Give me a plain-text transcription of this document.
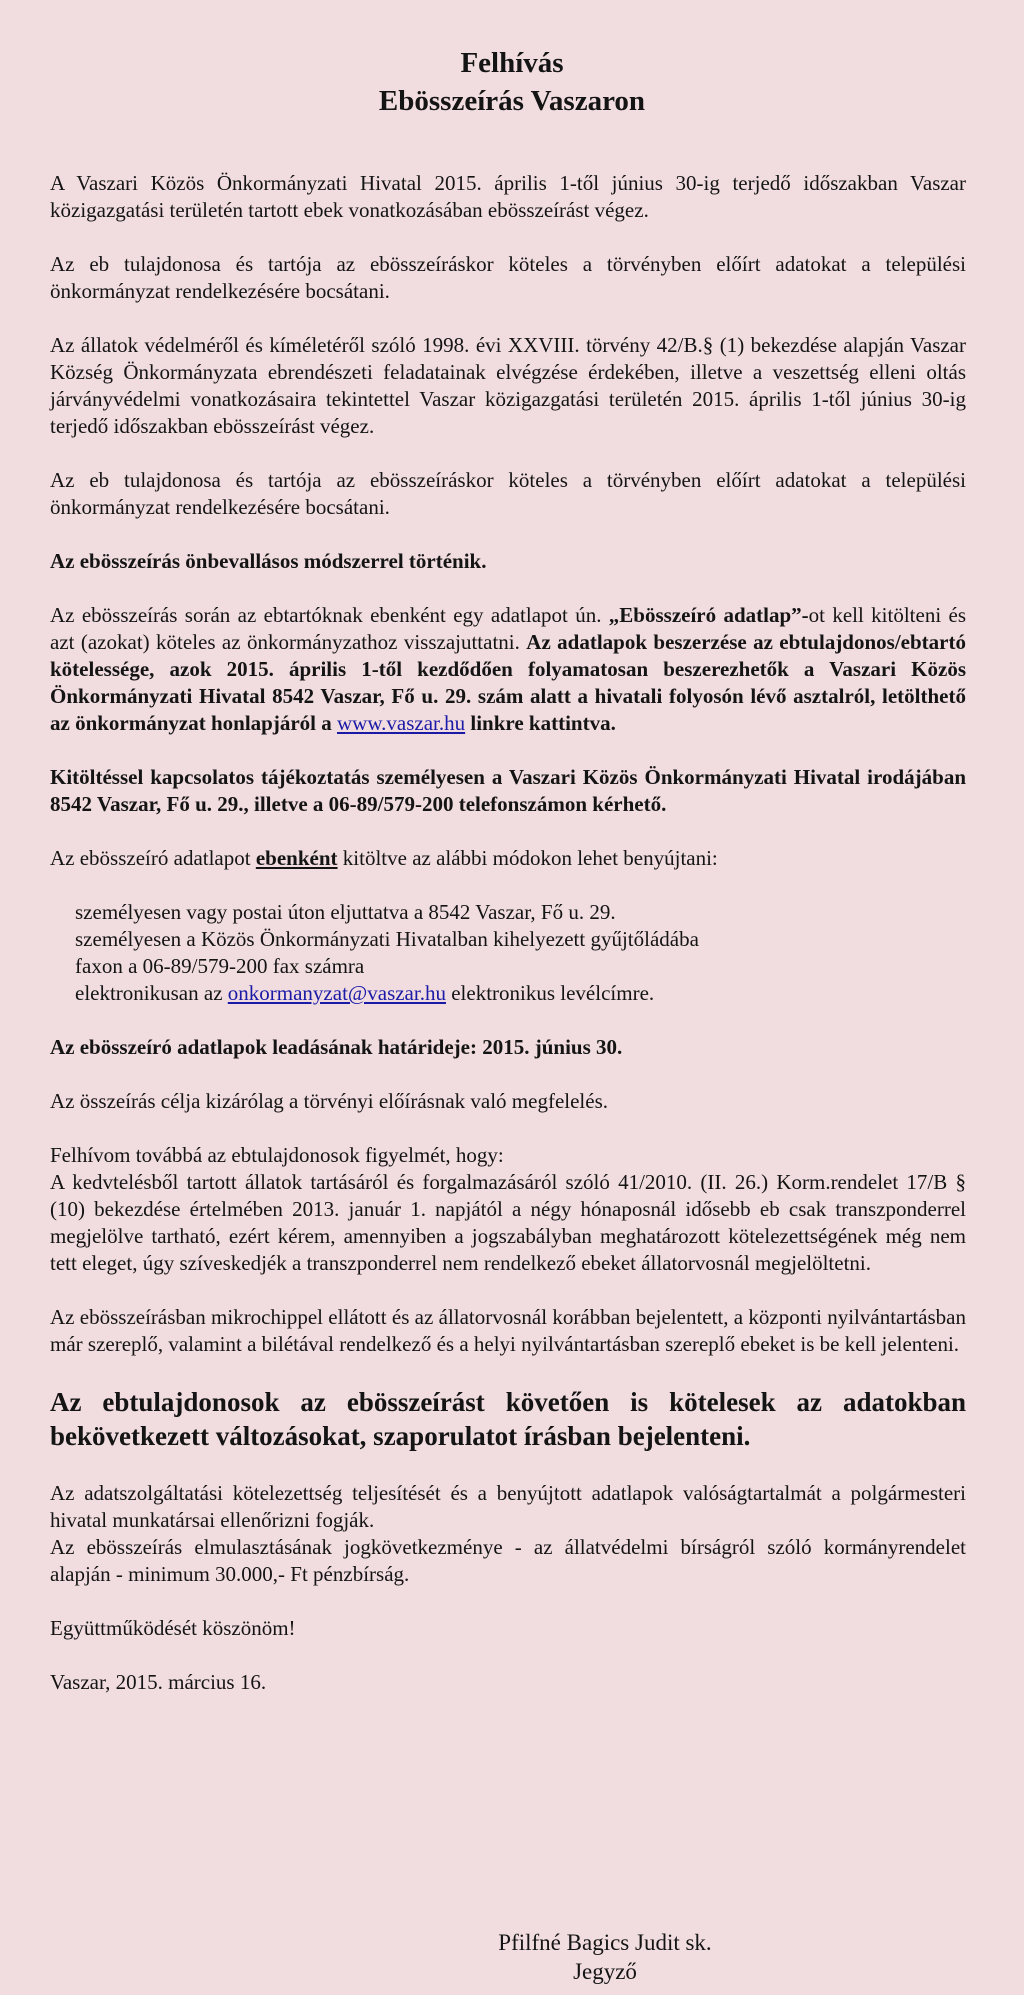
Felhívás
Ebösszeírás Vaszaron

A Vaszari Közös Önkormányzati Hivatal 2015. április 1-től június 30-ig terjedő időszakban Vaszar közigazgatási területén tartott ebek vonatkozásában ebösszeírást végez.

Az eb tulajdonosa és tartója az ebösszeíráskor köteles a törvényben előírt adatokat a települési önkormányzat rendelkezésére bocsátani.

Az állatok védelméről és kíméletéről szóló 1998. évi XXVIII. törvény 42/B.§ (1) bekezdése alapján Vaszar Község Önkormányzata ebrendészeti feladatainak elvégzése érdekében, illetve a veszettség elleni oltás járványvédelmi vonatkozásaira tekintettel Vaszar közigazgatási területén 2015. április 1-től június 30-ig terjedő időszakban ebösszeírást végez.

Az eb tulajdonosa és tartója az ebösszeíráskor köteles a törvényben előírt adatokat a települési önkormányzat rendelkezésére bocsátani.

Az ebösszeírás önbevallásos módszerrel történik.

Az ebösszeírás során az ebtartóknak ebenként egy adatlapot ún. „Ebösszeíró adatlap”-ot kell kitölteni és azt (azokat) köteles az önkormányzathoz visszajuttatni. Az adatlapok beszerzése az ebtulajdonos/ebtartó kötelessége, azok 2015. április 1-től kezdődően folyamatosan beszerezhetők a Vaszari Közös Önkormányzati Hivatal 8542 Vaszar, Fő u. 29. szám alatt a hivatali folyosón lévő asztalról, letölthető az önkormányzat honlapjáról a www.vaszar.hu linkre kattintva.

Kitöltéssel kapcsolatos tájékoztatás személyesen a Vaszari Közös Önkormányzati Hivatal irodájában 8542 Vaszar, Fő u. 29., illetve a 06-89/579-200 telefonszámon kérhető.

Az ebösszeíró adatlapot ebenként kitöltve az alábbi módokon lehet benyújtani:

személyesen vagy postai úton eljuttatva a 8542 Vaszar, Fő u. 29.
személyesen a Közös Önkormányzati Hivatalban kihelyezett gyűjtőládába
faxon a 06-89/579-200 fax számra
elektronikusan az onkormanyzat@vaszar.hu elektronikus levélcímre.

Az ebösszeíró adatlapok leadásának határideje: 2015. június 30.

Az összeírás célja kizárólag a törvényi előírásnak való megfelelés.

Felhívom továbbá az ebtulajdonosok figyelmét, hogy:
A kedvtelésből tartott állatok tartásáról és forgalmazásáról szóló 41/2010. (II. 26.) Korm.rendelet 17/B § (10) bekezdése értelmében 2013. január 1. napjától a négy hónaposnál idősebb eb csak transzponderrel megjelölve tartható, ezért kérem, amennyiben a jogszabályban meghatározott kötelezettségének még nem tett eleget, úgy szíveskedjék a transzponderrel nem rendelkező ebeket állatorvosnál megjelöltetni.

Az ebösszeírásban mikrochippel ellátott és az állatorvosnál korábban bejelentett, a központi nyilvántartásban már szereplő, valamint a bilétával rendelkező és a helyi nyilvántartásban szereplő ebeket is be kell jelenteni.

Az ebtulajdonosok az ebösszeírást követően is kötelesek az adatokban bekövetkezett változásokat, szaporulatot írásban bejelenteni.

Az adatszolgáltatási kötelezettség teljesítését és a benyújtott adatlapok valóságtartalmát a polgármesteri hivatal munkatársai ellenőrizni fogják.
Az ebösszeírás elmulasztásának jogkövetkezménye - az állatvédelmi bírságról szóló kormányrendelet alapján - minimum 30.000,- Ft pénzbírság.

Együttműködését köszönöm!

Vaszar, 2015. március 16.

Pfilfné Bagics Judit sk.
Jegyző
